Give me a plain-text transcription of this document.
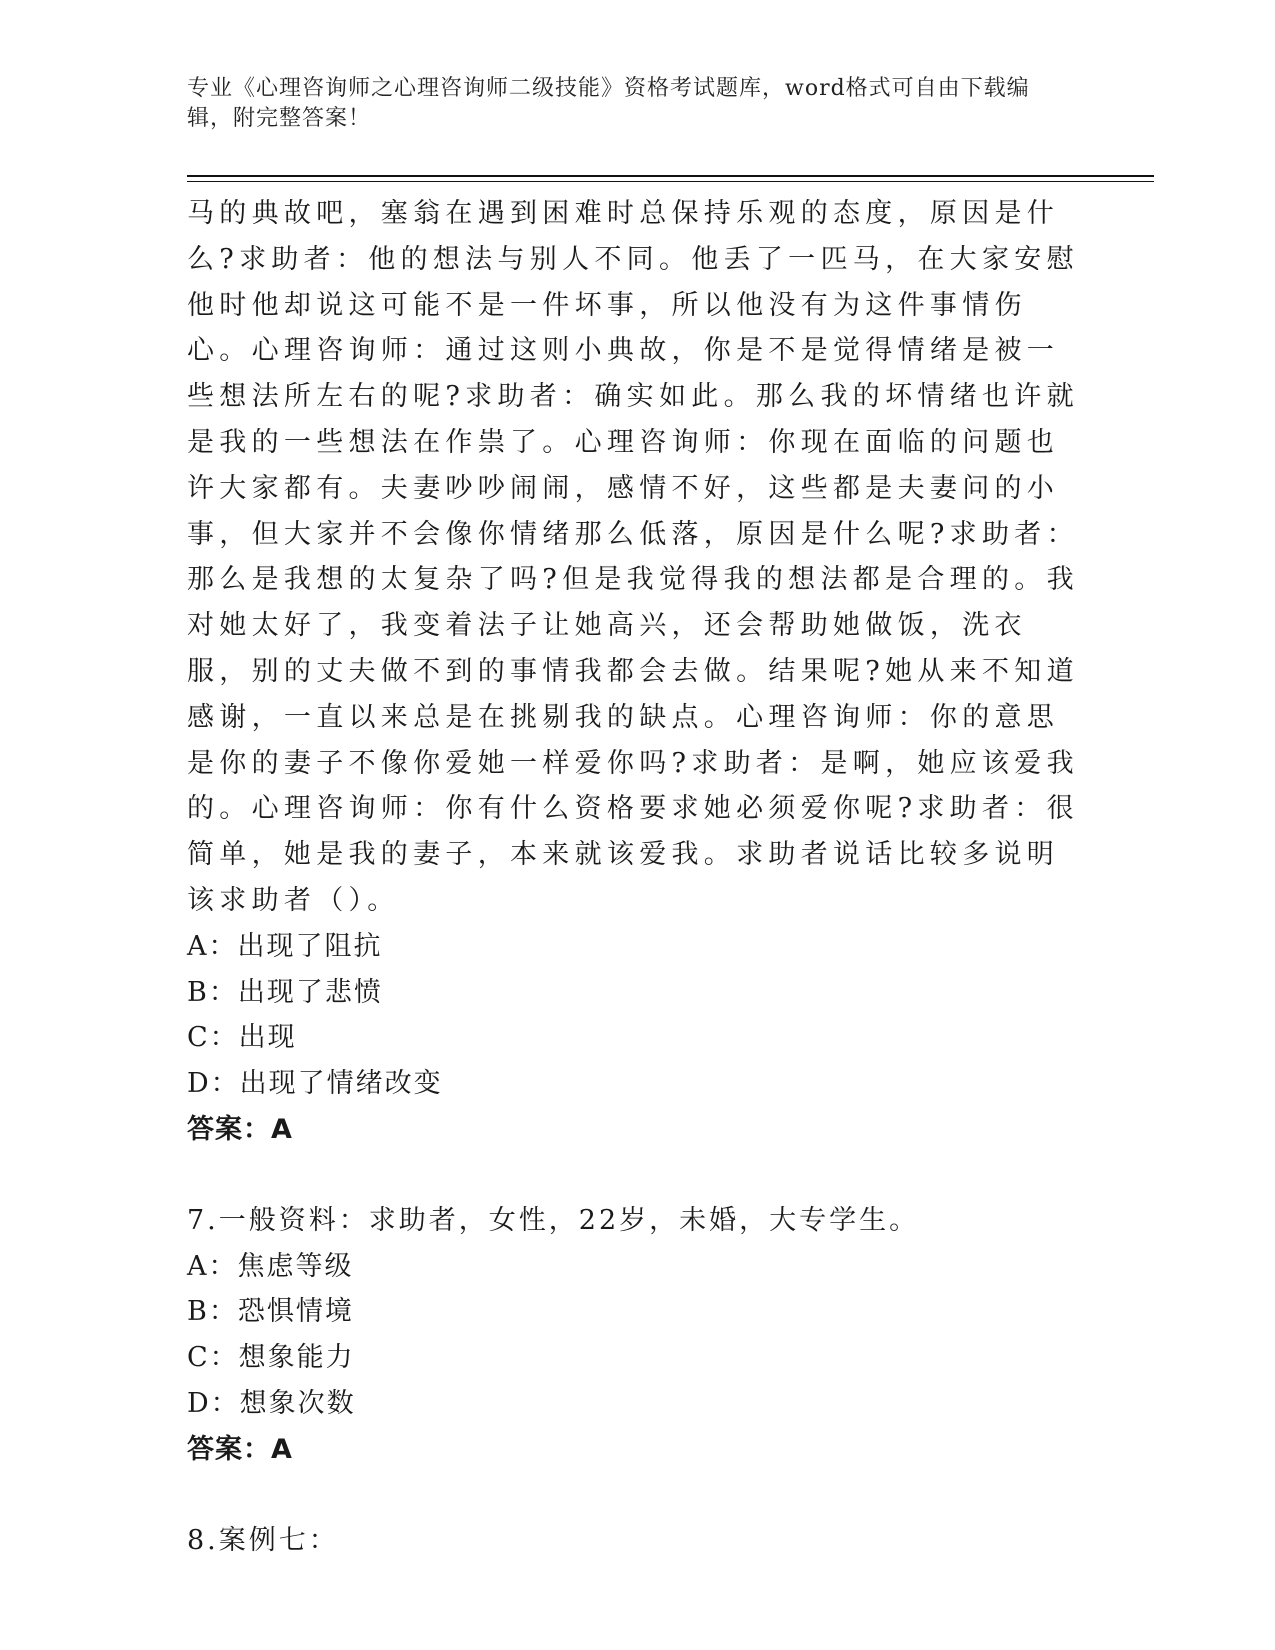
专业《心理咨询师之心理咨询师二级技能》资格考试题库，word格式可自由下载编辑，附完整答案！

马的典故吧，塞翁在遇到困难时总保持乐观的态度，原因是什么?求助者：他的想法与别人不同。他丢了一匹马，在大家安慰他时他却说这可能不是一件坏事，所以他没有为这件事情伤心。心理咨询师：通过这则小典故，你是不是觉得情绪是被一些想法所左右的呢?求助者：确实如此。那么我的坏情绪也许就是我的一些想法在作祟了。心理咨询师：你现在面临的问题也许大家都有。夫妻吵吵闹闹，感情不好，这些都是夫妻问的小事，但大家并不会像你情绪那么低落，原因是什么呢?求助者：那么是我想的太复杂了吗?但是我觉得我的想法都是合理的。我对她太好了，我变着法子让她高兴，还会帮助她做饭，洗衣服，别的丈夫做不到的事情我都会去做。结果呢?她从来不知道感谢，一直以来总是在挑剔我的缺点。心理咨询师：你的意思是你的妻子不像你爱她一样爱你吗?求助者：是啊，她应该爱我的。心理咨询师：你有什么资格要求她必须爱你呢?求助者：很简单，她是我的妻子，本来就该爱我。求助者说话比较多说明该求助者（）。

A：出现了阻抗

B：出现了悲愤

C：出现

D：出现了情绪改变

答案：A

7.一般资料：求助者，女性，22岁，未婚，大专学生。

A：焦虑等级

B：恐惧情境

C：想象能力

D：想象次数

答案：A

8.案例七：
